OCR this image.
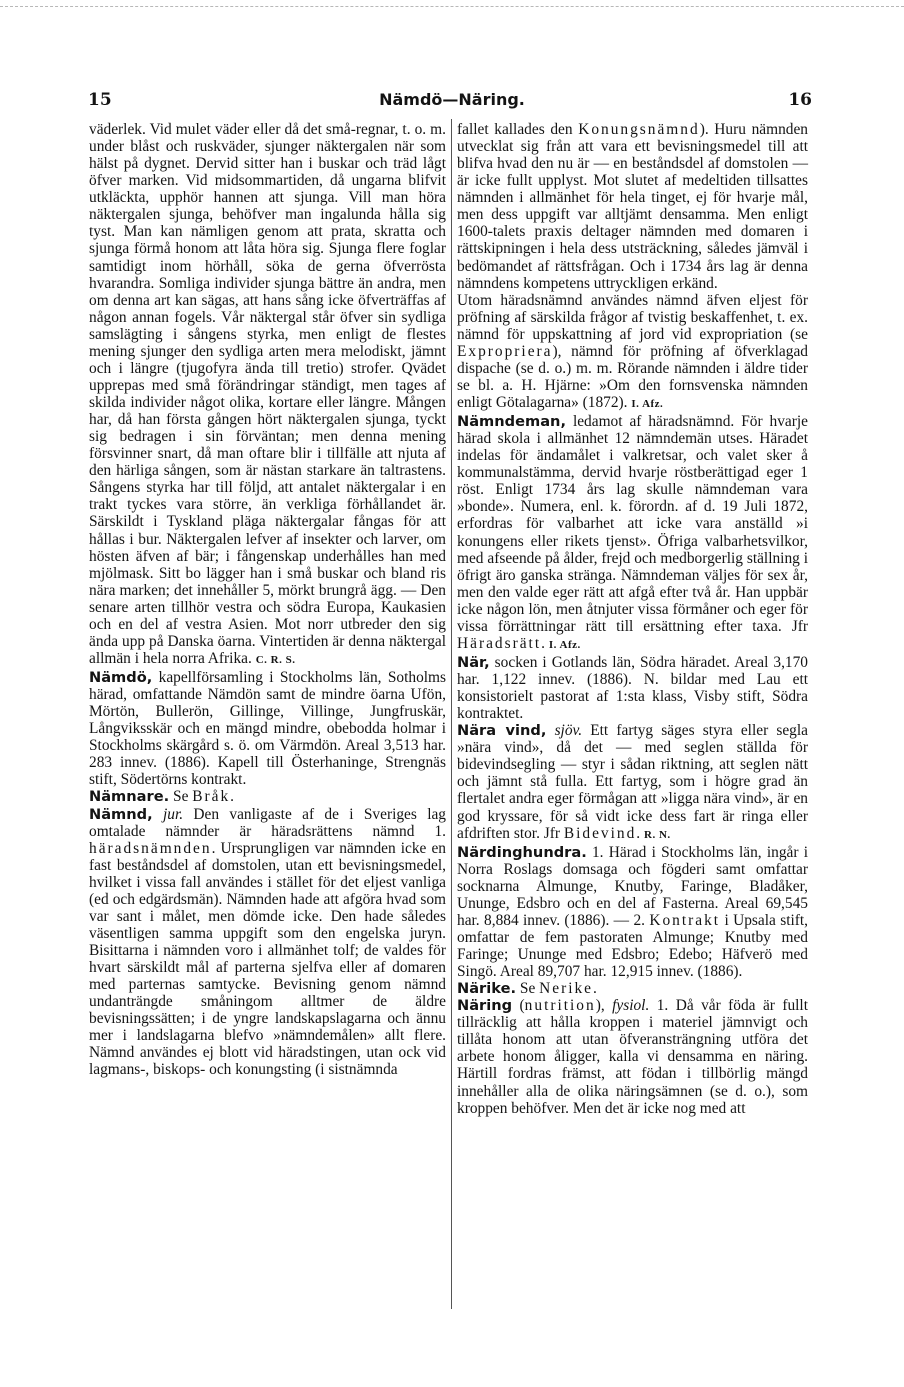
15	Nämdö—Näring.	16

väderlek. Vid mulet väder eller då det små-regnar, t. o. m. under blåst och ruskväder, sjunger näktergalen när som hälst på dygnet. Dervid sitter han i buskar och träd lågt öfver marken. Vid midsommartiden, då ungarna blifvit utkläckta, upphör hannen att sjunga. Vill man höra näktergalen sjunga, behöfver man ingalunda hålla sig tyst. Man kan nämligen genom att prata, skratta och sjunga förmå honom att låta höra sig. Sjunga flere foglar samtidigt inom hörhåll, söka de gerna öfverrösta hvarandra. Somliga individer sjunga bättre än andra, men om denna art kan sägas, att hans sång icke öfverträffas af någon annan fogels. Vår näktergal står öfver sin sydliga samslägting i sångens styrka, men enligt de flestes mening sjunger den sydliga arten mera melodiskt, jämnt och i längre (tjugofyra ända till tretio) strofer. Qvädet upprepas med små förändringar ständigt, men tages af skilda individer något olika, kortare eller längre. Mången har, då han första gången hört näktergalen sjunga, tyckt sig bedragen i sin förväntan; men denna mening försvinner snart, då man oftare blir i tillfälle att njuta af den härliga sången, som är nästan starkare än taltrastens. Sångens styrka har till följd, att antalet näktergalar i en trakt tyckes vara större, än verkliga förhållandet är. Särskildt i Tyskland pläga näktergalar fångas för att hållas i bur. Näktergalen lefver af insekter och larver, om hösten äfven af bär; i fångenskap underhålles han med mjölmask. Sitt bo lägger han i små buskar och bland ris nära marken; det innehåller 5, mörkt brungrå ägg. — Den senare arten tillhör vestra och södra Europa, Kaukasien och en del af vestra Asien. Mot norr utbreder den sig ända upp på Danska öarna. Vintertiden är denna näktergal allmän i hela norra Afrika. C. R. S.

Nämdö, kapellförsamling i Stockholms län, Sotholms härad, omfattande Nämdön samt de mindre öarna Ufön, Mörtön, Bullerön, Gillinge, Villinge, Jungfruskär, Långviksskär och en mängd mindre, obebodda holmar i Stockholms skärgård s. ö. om Värmdön. Areal 3,513 har. 283 innev. (1886). Kapell till Österhaninge, Strengnäs stift, Södertörns kontrakt.

Nämnare. Se Bråk.

Nämnd, jur. Den vanligaste af de i Sveriges lag omtalade nämnder är häradsrättens nämnd 1. häradsnämnden. Ursprungligen var nämnden icke en fast beståndsdel af domstolen, utan ett bevisningsmedel, hvilket i vissa fall användes i stället för det eljest vanliga (ed och edgärdsmän). Nämnden hade att afgöra hvad som var sant i målet, men dömde icke. Den hade således väsentligen samma uppgift som den engelska juryn. Bisittarna i nämnden voro i allmänhet tolf; de valdes för hvart särskildt mål af parterna sjelfva eller af domaren med parternas samtycke. Bevisning genom nämnd undanträngde småningom alltmer de äldre bevisningssätten; i de yngre landskapslagarna och ännu mer i landslagarna blefvo »nämndemålen» allt flere. Nämnd användes ej blott vid häradstingen, utan ock vid lagmans-, biskops- och konungsting (i sistnämnda

fallet kallades den Konungsnämnd). Huru nämnden utvecklat sig från att vara ett bevisningsmedel till att blifva hvad den nu är — en beståndsdel af domstolen — är icke fullt upplyst. Mot slutet af medeltiden tillsattes nämnden i allmänhet för hela tinget, ej för hvarje mål, men dess uppgift var alltjämt densamma. Men enligt 1600-talets praxis deltager nämnden med domaren i rättskipningen i hela dess utsträckning, således jämväl i bedömandet af rättsfrågan. Och i 1734 års lag är denna nämndens kompetens uttryckligen erkänd.

Utom häradsnämnd användes nämnd äfven eljest för pröfning af särskilda frågor af tvistig beskaffenhet, t. ex. nämnd för uppskattning af jord vid expropriation (se Expropriera), nämnd för pröfning af öfverklagad dispache (se d. o.) m. m. Rörande nämnden i äldre tider se bl. a. H. Hjärne: »Om den fornsvenska nämnden enligt Götalagarna» (1872). I. Afz.

Nämndeman, ledamot af häradsnämnd. För hvarje härad skola i allmänhet 12 nämndemän utses. Häradet indelas för ändamålet i valkretsar, och valet sker å kommunalstämma, dervid hvarje röstberättigad eger 1 röst. Enligt 1734 års lag skulle nämndeman vara »bonde». Numera, enl. k. förordn. af d. 19 Juli 1872, erfordras för valbarhet att icke vara anställd »i konungens eller rikets tjenst». Öfriga valbarhetsvilkor, med afseende på ålder, frejd och medborgerlig ställning i öfrigt äro ganska stränga. Nämndeman väljes för sex år, men den valde eger rätt att afgå efter två år. Han uppbär icke någon lön, men åtnjuter vissa förmåner och eger för vissa förrättningar rätt till ersättning efter taxa. Jfr Häradsrätt. I. Afz.

När, socken i Gotlands län, Södra häradet. Areal 3,170 har. 1,122 innev. (1886). N. bildar med Lau ett konsistorielt pastorat af 1:sta klass, Visby stift, Södra kontraktet.

Nära vind, sjöv. Ett fartyg säges styra eller segla »nära vind», då det — med seglen ställda för bidevindsegling — styr i sådan riktning, att seglen nätt och jämnt stå fulla. Ett fartyg, som i högre grad än flertalet andra eger förmågan att »ligga nära vind», är en god kryssare, för så vidt icke dess fart är ringa eller afdriften stor. Jfr Bidevind. R. N.

Närdinghundra. 1. Härad i Stockholms län, ingår i Norra Roslags domsaga och fögderi samt omfattar socknarna Almunge, Knutby, Faringe, Bladåker, Ununge, Edsbro och en del af Fasterna. Areal 69,545 har. 8,884 innev. (1886). — 2. Kontrakt i Upsala stift, omfattar de fem pastoraten Almunge; Knutby med Faringe; Ununge med Edsbro; Edebo; Häfverö med Singö. Areal 89,707 har. 12,915 innev. (1886).

Närike. Se Nerike.

Näring (nutrition), fysiol. 1. Då vår föda är fullt tillräcklig att hålla kroppen i materiel jämnvigt och tillåta honom att utan öfveransträngning utföra det arbete honom åligger, kalla vi densamma en näring. Härtill fordras främst, att födan i tillbörlig mängd innehåller alla de olika näringsämnen (se d. o.), som kroppen behöfver. Men det är icke nog med att
